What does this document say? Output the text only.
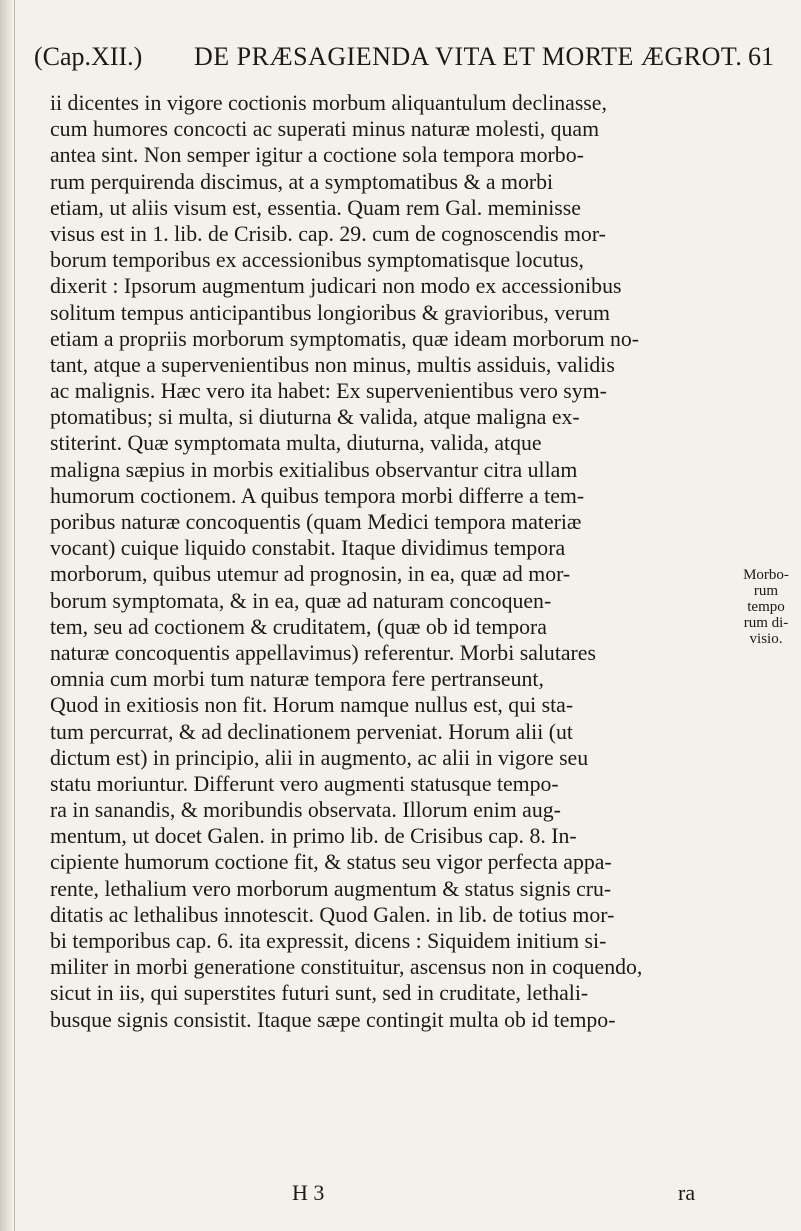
(Cap.XII.) DE PRÆSAGIENDA VITA ET MORTE ÆGROT. 61
ii dicentes in vigore coctionis morbum aliquantulum declinasse,
cum humores concocti ac superati minus naturæ molesti, quam
antea sint. Non semper igitur a coctione sola tempora morbo-
rum perquirenda discimus, at a symptomatibus & a morbi
etiam, ut aliis visum est, essentia. Quam rem Gal. meminisse
visus est in 1. lib. de Crisib. cap. 29. cum de cognoscendis mor-
borum temporibus ex accessionibus symptomatisque locutus,
dixerit : Ipsorum augmentum judicari non modo ex accessionibus
solitum tempus anticipantibus longioribus & gravioribus, verum
etiam a propriis morborum symptomatis, quæ ideam morborum no-
tant, atque a supervenientibus non minus, multis assiduis, validis
ac malignis. Hæc vero ita habet: Ex supervenientibus vero sym-
ptomatibus; si multa, si diuturna & valida, atque maligna ex-
stiterint. Quæ symptomata multa, diuturna, valida, atque
maligna sæpius in morbis exitialibus observantur citra ullam
humorum coctionem. A quibus tempora morbi differre a tem-
poribus naturæ concoquentis (quam Medici tempora materiæ
vocant) cuique liquido constabit. Itaque dividimus tempora
morborum, quibus utemur ad prognosin, in ea, quæ ad mor-
borum symptomata, & in ea, quæ ad naturam concoquen-
tem, seu ad coctionem & cruditatem, (quæ ob id tempora
naturæ concoquentis appellavimus) referentur. Morbi salutares
omnia cum morbi tum naturæ tempora fere pertranseunt,
Quod in exitiosis non fit. Horum namque nullus est, qui sta-
tum percurrat, & ad declinationem perveniat. Horum alii (ut
dictum est) in principio, alii in augmento, ac alii in vigore seu
statu moriuntur. Differunt vero augmenti statusque tempo-
ra in sanandis, & moribundis observata. Illorum enim aug-
mentum, ut docet Galen. in primo lib. de Crisibus cap. 8. In-
cipiente humorum coctione fit, & status seu vigor perfecta appa-
rente, lethalium vero morborum augmentum & status signis cru-
ditatis ac lethalibus innotescit. Quod Galen. in lib. de totius mor-
bi temporibus cap. 6. ita expressit, dicens : Siquidem initium si-
militer in morbi generatione constituitur, ascensus non in coquendo,
sicut in iis, qui superstites futuri sunt, sed in cruditate, lethali-
busque signis consistit. Itaque sæpe contingit multa ob id tempo-
Morbo-
rum
tempo
rum di-
visio.
H 3	ra
